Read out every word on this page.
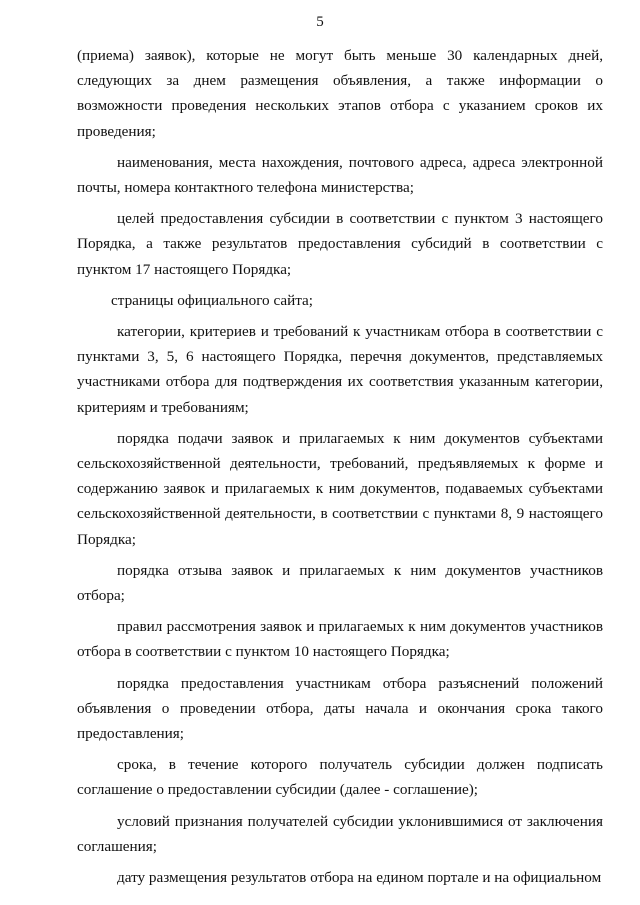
5

(приема) заявок), которые не могут быть меньше 30 календарных дней, следующих за днем размещения объявления, а также информации о возможности проведения нескольких этапов отбора с указанием сроков их проведения;

наименования, места нахождения, почтового адреса, адреса электронной почты, номера контактного телефона министерства;

целей предоставления субсидии в соответствии с пунктом 3 настоящего Порядка, а также результатов предоставления субсидий в соответствии с пунктом 17 настоящего Порядка;

страницы официального сайта;

категории, критериев и требований к участникам отбора в соответствии с пунктами 3, 5, 6 настоящего Порядка, перечня документов, представляемых участниками отбора для подтверждения их соответствия указанным категории, критериям и требованиям;

порядка подачи заявок и прилагаемых к ним документов субъектами сельскохозяйственной деятельности, требований, предъявляемых к форме и содержанию заявок и прилагаемых к ним документов, подаваемых субъектами сельскохозяйственной деятельности, в соответствии с пунктами 8, 9 настоящего Порядка;

порядка отзыва заявок и прилагаемых к ним документов участников отбора;

правил рассмотрения заявок и прилагаемых к ним документов участников отбора в соответствии с пунктом 10 настоящего Порядка;

порядка предоставления участникам отбора разъяснений положений объявления о проведении отбора, даты начала и окончания срока такого предоставления;

срока, в течение которого получатель субсидии должен подписать соглашение о предоставлении субсидии (далее - соглашение);

условий признания получателей субсидии уклонившимися от заключения соглашения;

дату размещения результатов отбора на едином портале и на официальном
